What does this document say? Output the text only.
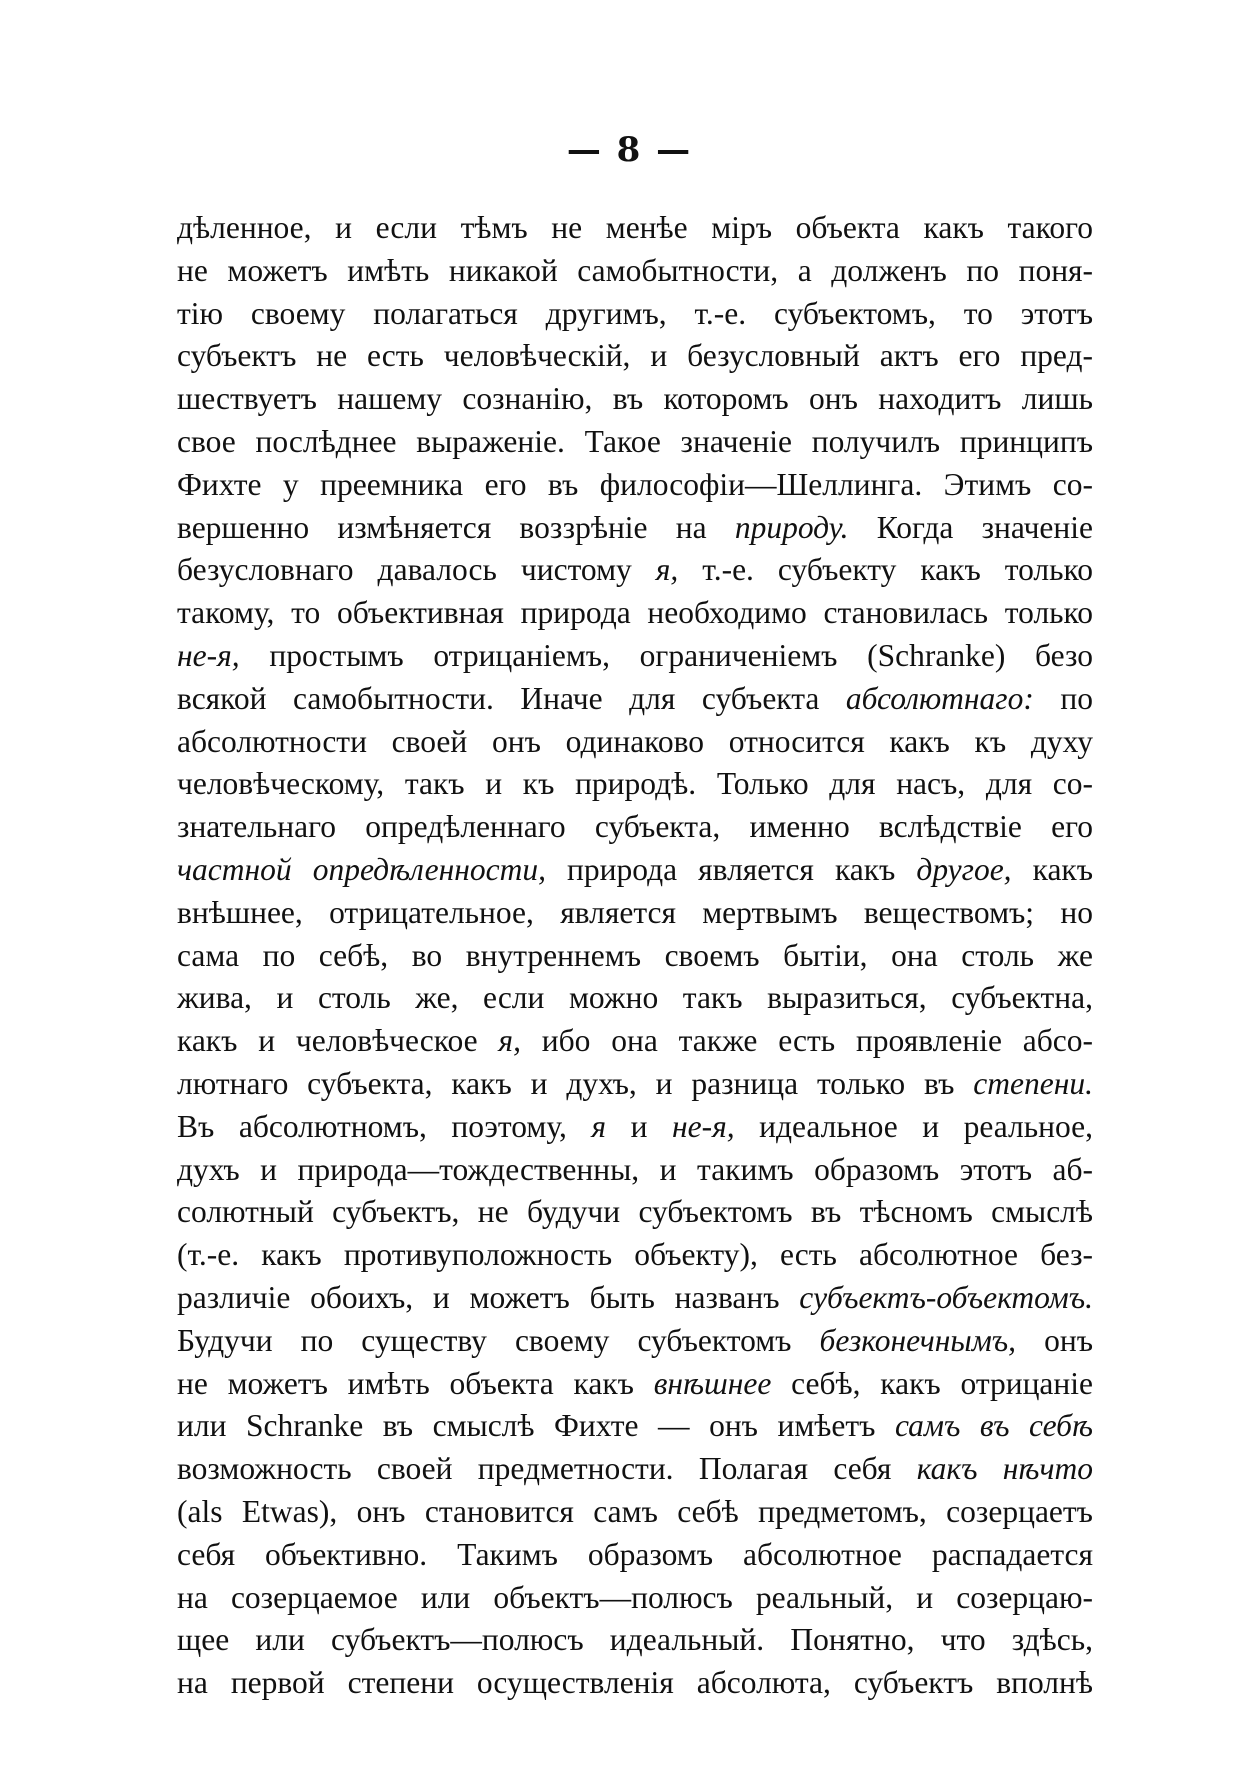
— 8 —
дѣленное, и если тѣмъ не менѣе міръ объекта какъ такого
не можетъ имѣть никакой самобытности, а долженъ по поня-
тію своему полагаться другимъ, т.-е. субъектомъ, то этотъ
субъектъ не есть человѣческій, и безусловный актъ его пред-
шествуетъ нашему сознанію, въ которомъ онъ находитъ лишь
свое послѣднее выраженіе. Такое значеніе получилъ принципъ
Фихте у преемника его въ философіи—Шеллинга. Этимъ со-
вершенно измѣняется воззрѣніе на природу. Когда значеніе
безусловнаго давалось чистому я, т.-е. субъекту какъ только
такому, то объективная природа необходимо становилась только
не-я, простымъ отрицаніемъ, ограниченіемъ (Schranke) безо
всякой самобытности. Иначе для субъекта абсолютнаго: по
абсолютности своей онъ одинаково относится какъ къ духу
человѣческому, такъ и къ природѣ. Только для насъ, для со-
знательнаго опредѣленнаго субъекта, именно вслѣдствіе его
частной опредѣленности, природа является какъ другое, какъ
внѣшнее, отрицательное, является мертвымъ веществомъ; но
сама по себѣ, во внутреннемъ своемъ бытіи, она столь же
жива, и столь же, если можно такъ выразиться, субъектна,
какъ и человѣческое я, ибо она также есть проявленіе абсо-
лютнаго субъекта, какъ и духъ, и разница только въ степени.
Въ абсолютномъ, поэтому, я и не-я, идеальное и реальное,
духъ и природа—тождественны, и такимъ образомъ этотъ аб-
солютный субъектъ, не будучи субъектомъ въ тѣсномъ смыслѣ
(т.-е. какъ противуположность объекту), есть абсолютное без-
различіе обоихъ, и можетъ быть названъ субъектъ-объектомъ.
Будучи по существу своему субъектомъ безконечнымъ, онъ
не можетъ имѣть объекта какъ внѣшнее себѣ, какъ отрицаніе
или Schranke въ смыслѣ Фихте — онъ имѣетъ самъ въ себѣ
возможность своей предметности. Полагая себя какъ нѣчто
(als Etwas), онъ становится самъ себѣ предметомъ, созерцаетъ
себя объективно. Такимъ образомъ абсолютное распадается
на созерцаемое или объектъ—полюсъ реальный, и созерцаю-
щее или субъектъ—полюсъ идеальный. Понятно, что здѣсь,
на первой степени осуществленія абсолюта, субъектъ вполнѣ
